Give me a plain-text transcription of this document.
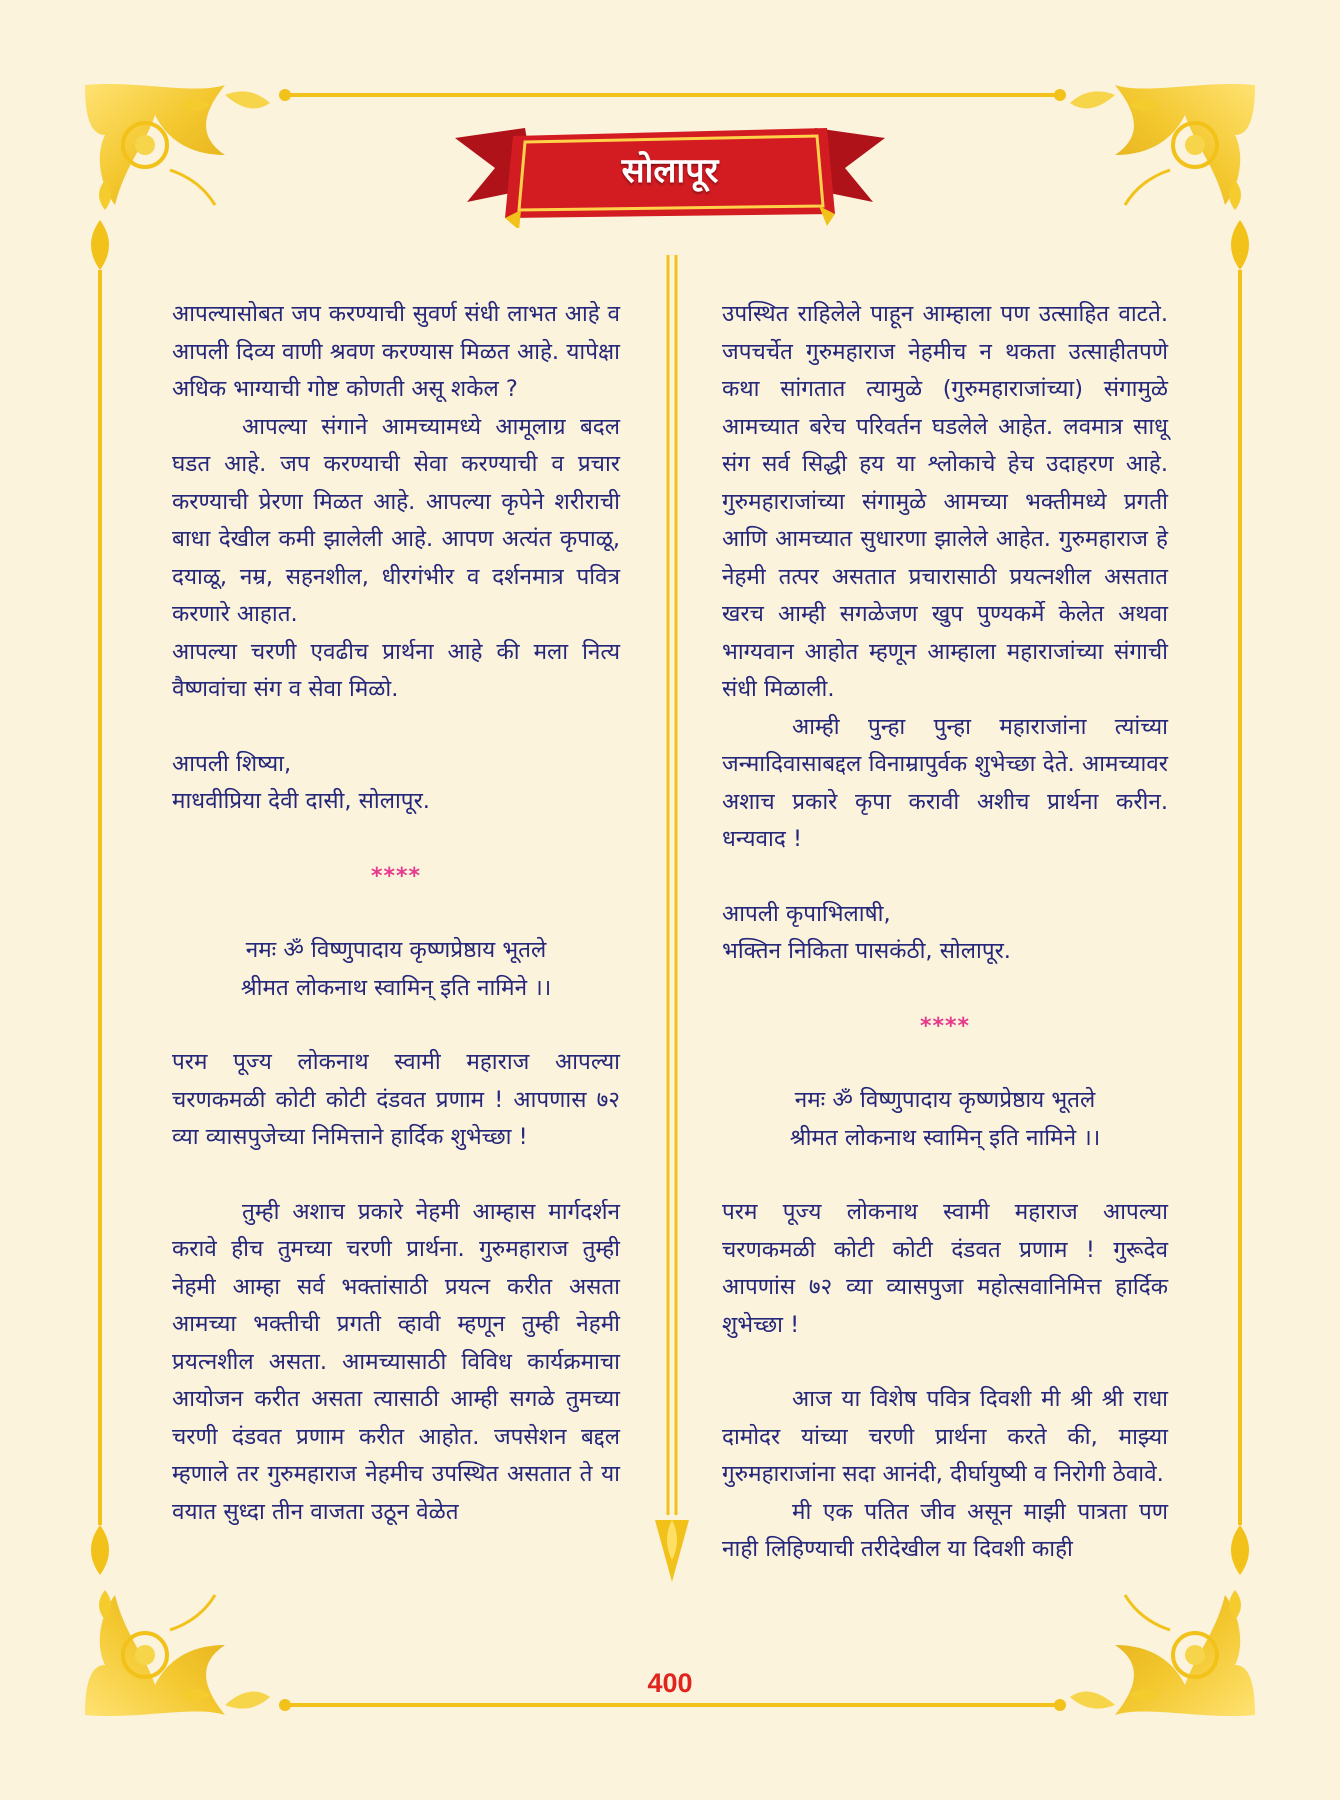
सोलापूर

आपल्यासोबत जप करण्याची सुवर्ण संधी लाभत आहे व आपली दिव्य वाणी श्रवण करण्यास मिळत आहे. यापेक्षा अधिक भाग्याची गोष्ट कोणती असू शकेल ?

आपल्या संगाने आमच्यामध्ये आमूलाग्र बदल घडत आहे. जप करण्याची सेवा करण्याची व प्रचार करण्याची प्रेरणा मिळत आहे. आपल्या कृपेने शरीराची बाधा देखील कमी झालेली आहे. आपण अत्यंत कृपाळू, दयाळू, नम्र, सहनशील, धीरगंभीर व दर्शनमात्र पवित्र करणारे आहात.

आपल्या चरणी एवढीच प्रार्थना आहे की मला नित्य वैष्णवांचा संग व सेवा मिळो.

आपली शिष्या,

माधवीप्रिया देवी दासी, सोलापूर.

****

नमः ॐ विष्णुपादाय कृष्णप्रेष्ठाय भूतले

श्रीमत लोकनाथ स्वामिन् इति नामिने ।।

परम पूज्य लोकनाथ स्वामी महाराज आपल्या चरणकमळी कोटी कोटी दंडवत प्रणाम ! आपणास ७२ व्या व्यासपुजेच्या निमित्ताने हार्दिक शुभेच्छा !

तुम्ही अशाच प्रकारे नेहमी आम्हास मार्गदर्शन करावे हीच तुमच्या चरणी प्रार्थना. गुरुमहाराज तुम्ही नेहमी आम्हा सर्व भक्तांसाठी प्रयत्न करीत असता आमच्या भक्तीची प्रगती व्हावी म्हणून तुम्ही नेहमी प्रयत्नशील असता. आमच्यासाठी विविध कार्यक्रमाचा आयोजन करीत असता त्यासाठी आम्ही सगळे तुमच्या चरणी दंडवत प्रणाम करीत आहोत. जपसेशन बद्दल म्हणाले तर गुरुमहाराज नेहमीच उपस्थित असतात ते या वयात सुध्दा तीन वाजता उठून वेळेत

उपस्थित राहिलेले पाहून आम्हाला पण उत्साहित वाटते. जपचर्चेत गुरुमहाराज नेहमीच न थकता उत्साहीतपणे कथा सांगतात त्यामुळे (गुरुमहाराजांच्या) संगामुळे आमच्यात बरेच परिवर्तन घडलेले आहेत. लवमात्र साधू संग सर्व सिद्धी हय या श्लोकाचे हेच उदाहरण आहे. गुरुमहाराजांच्या संगामुळे आमच्या भक्तीमध्ये प्रगती आणि आमच्यात सुधारणा झालेले आहेत. गुरुमहाराज हे नेहमी तत्पर असतात प्रचारासाठी प्रयत्नशील असतात खरच आम्ही सगळेजण खुप पुण्यकर्मे केलेत अथवा भाग्यवान आहोत म्हणून आम्हाला महाराजांच्या संगाची संधी मिळाली.

आम्ही पुन्हा पुन्हा महाराजांना त्यांच्या जन्मादिवासाबद्दल विनाम्रापुर्वक शुभेच्छा देते. आमच्यावर अशाच प्रकारे कृपा करावी अशीच प्रार्थना करीन. धन्यवाद !

आपली कृपाभिलाषी,

भक्तिन निकिता पासकंठी, सोलापूर.

****

नमः ॐ विष्णुपादाय कृष्णप्रेष्ठाय भूतले

श्रीमत लोकनाथ स्वामिन् इति नामिने ।।

परम पूज्य लोकनाथ स्वामी महाराज आपल्या चरणकमळी कोटी कोटी दंडवत प्रणाम ! गुरूदेव आपणांस ७२ व्या व्यासपुजा महोत्सवानिमित्त हार्दिक शुभेच्छा !

आज या विशेष पवित्र दिवशी मी श्री श्री राधा दामोदर यांच्या चरणी प्रार्थना करते की, माझ्या गुरुमहाराजांना सदा आनंदी, दीर्घायुष्यी व निरोगी ठेवावे.

मी एक पतित जीव असून माझी पात्रता पण नाही लिहिण्याची तरीदेखील या दिवशी काही

400
